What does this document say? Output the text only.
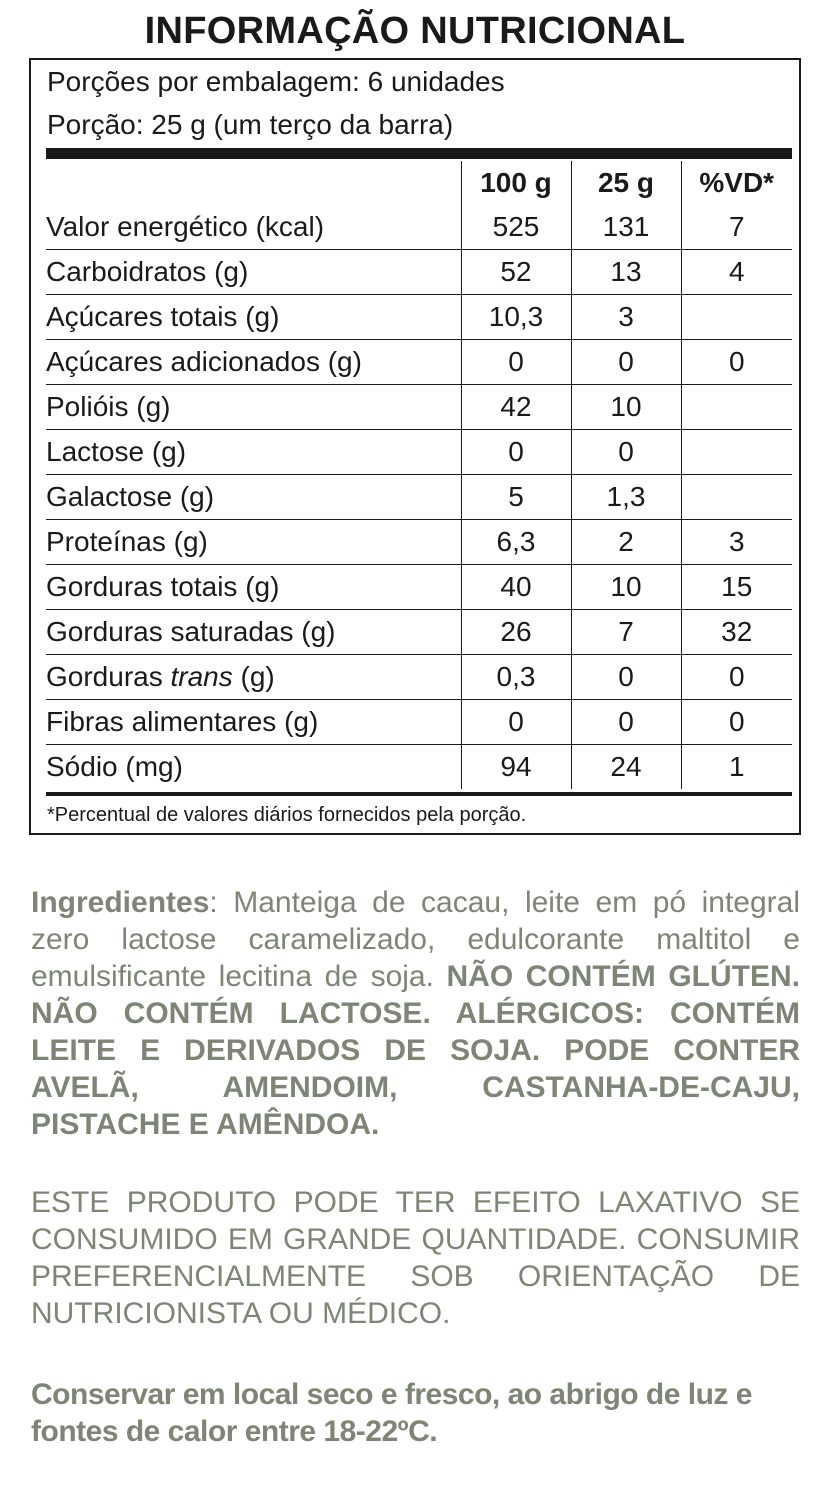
INFORMAÇÃO NUTRICIONAL
Porções por embalagem: 6 unidades
Porção: 25 g (um terço da barra)
	100 g	25 g	%VD*
Valor energético (kcal)	525	131	7
Carboidratos (g)	52	13	4
Açúcares totais (g)	10,3	3	
Açúcares adicionados (g)	0	0	0
Polióis (g)	42	10	
Lactose (g)	0	0	
Galactose (g)	5	1,3	
Proteínas (g)	6,3	2	3
Gorduras totais (g)	40	10	15
Gorduras saturadas (g)	26	7	32
Gorduras trans (g)	0,3	0	0
Fibras alimentares (g)	0	0	0
Sódio (mg)	94	24	1
*Percentual de valores diários fornecidos pela porção.
Ingredientes: Manteiga de cacau, leite em pó integral zero lactose caramelizado, edulcorante maltitol e emulsificante lecitina de soja. NÃO CONTÉM GLÚTEN. NÃO CONTÉM LACTOSE. ALÉRGICOS: CONTÉM LEITE E DERIVADOS DE SOJA. PODE CONTER AVELÃ, AMENDOIM, CASTANHA-DE-CAJU, PISTACHE E AMÊNDOA.
ESTE PRODUTO PODE TER EFEITO LAXATIVO SE CONSUMIDO EM GRANDE QUANTIDADE. CONSUMIR PREFERENCIALMENTE SOB ORIENTAÇÃO DE NUTRICIONISTA OU MÉDICO.
Conservar em local seco e fresco, ao abrigo de luz e fontes de calor entre 18-22ºC.
